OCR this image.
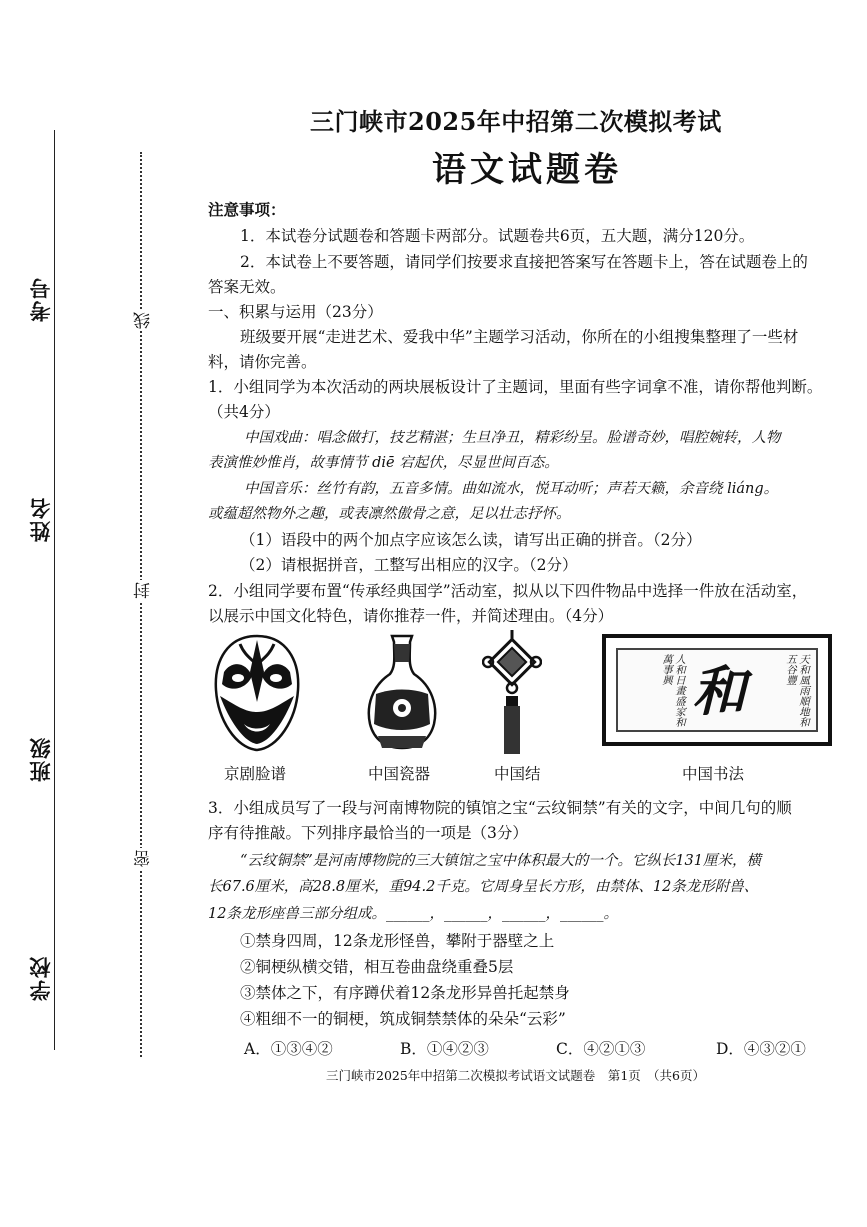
考号
姓名
班级
学校
线
封
密
三门峡市2025年中招第二次模拟考试
语文试题卷
注意事项：
1．本试卷分试题卷和答题卡两部分。试题卷共6页，五大题，满分120分。
2．本试卷上不要答题，请同学们按要求直接把答案写在答题卡上，答在试题卷上的
答案无效。
一、积累与运用（23分）
班级要开展“走进艺术、爱我中华”主题学习活动，你所在的小组搜集整理了一些材
料，请你完善。
1．小组同学为本次活动的两块展板设计了主题词，里面有些字词拿不准，请你帮他判断。
（共4分）
中国戏曲：唱念做打，技艺精湛；生旦净丑，精彩纷呈。脸谱奇妙，唱腔婉转，人物
表演惟妙惟肖，故事情节 diē 宕起伏，尽显世间百态。
中国音乐：丝竹有韵，五音多情。曲如流水，悦耳动听；声若天籁，余音绕 liáng。
或蕴超然物外之趣，或表凛然傲骨之意，足以壮志抒怀。
（1）语段中的两个加点字应该怎么读，请写出正确的拼音。（2分）
（2）请根据拼音，工整写出相应的汉字。（2分）
2．小组同学要布置“传承经典国学”活动室，拟从以下四件物品中选择一件放在活动室，
以展示中国文化特色，请你推荐一件，并简述理由。（4分）
人和日畫盛家和萬事興 和	天和風雨順地和五谷豐
京剧脸谱	中国瓷器	中国结	中国书法
3．小组成员写了一段与河南博物院的镇馆之宝“云纹铜禁”有关的文字，中间几句的顺
序有待推敲。下列排序最恰当的一项是（3分）
“云纹铜禁”是河南博物院的三大镇馆之宝中体积最大的一个。它纵长131厘米，横
长67.6厘米，高28.8厘米，重94.2千克。它周身呈长方形，由禁体、12条龙形附兽、
12条龙形座兽三部分组成。______，______，______，______。
①禁身四周，12条龙形怪兽，攀附于器壁之上
②铜梗纵横交错，相互卷曲盘绕重叠5层
③禁体之下，有序蹲伏着12条龙形异兽托起禁身
④粗细不一的铜梗，筑成铜禁禁体的朵朵“云彩”
A．①③④②	B．①④②③	C．④②①③	D．④③②①
三门峡市2025年中招第二次模拟考试语文试题卷　第1页　（共6页）
